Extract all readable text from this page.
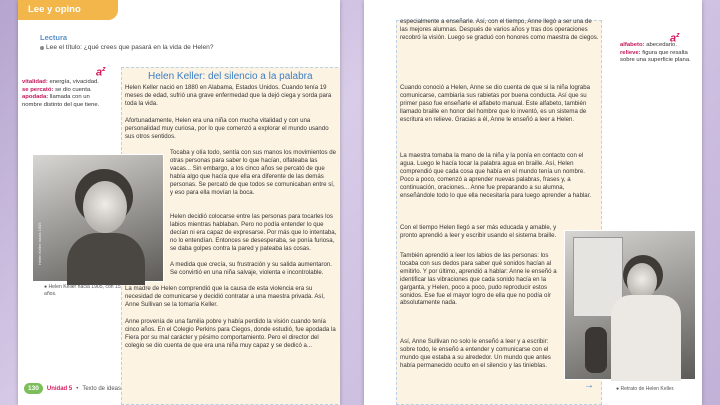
Lee y opino
Lectura
Lee el título: ¿qué crees que pasará en la vida de Helen?
$a^z$
vitalidad: energía, vivacidad.
se percató: se dio cuenta.
apodada: llamada con un nombre distinto del que tiene.
Helen Keller: del silencio a la palabra
Helen Keller nació en 1880 en Alabama, Estados Unidos. Cuando tenía 19 meses de edad, sufrió una grave enfermedad que la dejó ciega y sorda para toda la vida.
Afortunadamente, Helen era una niña con mucha vitalidad y con una personalidad muy curiosa, por lo que comenzó a explorar el mundo usando sus otros sentidos.
Tocaba y olía todo, sentía con sus manos los movimientos de otras personas para saber lo que hacían, olfateaba las vacas... Sin embargo, a los cinco años se percató de que había algo que hacía que ella era diferente de las demás personas. Se percató de que todos se comunicaban entre sí, y eso para ella movían la boca.
Helen decidió colocarse entre las personas para tocarles los labios mientras hablaban. Pero no podía entender lo que decían ni era capaz de expresarse. Por más que lo intentaba, no lo entendían. Entonces se desesperaba, se ponía furiosa, se daba golpes contra la pared y pateaba las cosas.
A medida que crecía, su frustración y su salida aumentaron. Se convirtió en una niña salvaje, violenta e incontrolable.
La madre de Helen comprendió que la causa de esta violencia era su necesidad de comunicarse y decidió contratar a una maestra privada. Así, Anne Sullivan se la tomaría Keller.
Anne provenía de una familia pobre y había perdido la visión cuando tenía cinco años. En el Colegio Perkins para Ciegos, donde estudió, fue apodada la Fiera por su mal carácter y pésimo comportamiento. Pero el director del colegio se dio cuenta de que era una niña muy capaz y se dedicó a...
Helen Keller hacia 1905
● Helen Keller hacia 1905, con 15 años.
130	Unidad 5 • Texto de ideas
especialmente a enseñarle. Así, con el tiempo, Anne llegó a ser una de las mejores alumnas. Después de varios años y tras dos operaciones recobró la visión. Luego se graduó con honores como maestra de ciegos.
Cuando conoció a Helen, Anne se dio cuenta de que si la niña lograba comunicarse, cambiaría sus rabietas por buena conducta. Así que su primer paso fue enseñarle el alfabeto manual. Este alfabeto, también llamado braille en honor del hombre que lo inventó, es un sistema de escritura en relieve. Gracias a él, Anne le enseñó a leer a Helen.
La maestra tomaba la mano de la niña y la ponía en contacto con el agua. Luego le hacía tocar la palabra agua en braille. Así, Helen comprendió que cada cosa que había en el mundo tenía un nombre. Poco a poco, comenzó a aprender nuevas palabras, frases y, a continuación, oraciones... Anne fue preparando a su alumna, enseñándole todo lo que ella necesitaría para luego aprender a hablar.
Con el tiempo Helen llegó a ser más educada y amable, y pronto aprendió a leer y escribir usando el sistema braille.
También aprendió a leer los labios de las personas: los tocaba con sus dedos para saber qué sonidos hacían al emitirlo. Y por último, aprendió a hablar: Anne le enseñó a identificar las vibraciones que cada sonido hacía en la garganta, y Helen, poco a poco, pudo reproducir estos sonidos. Ese fue el mayor logro de ella que no podía oír absolutamente nada.
Así, Anne Sullivan no solo le enseñó a leer y a escribir: sobre todo, le enseñó a entender y comunicarse con el mundo que estaba a su alrededor. Un mundo que antes había permanecido oculto en el silencio y las tinieblas.
$a^z$
alfabeto: abecedario.
relieve: figura que resalta sobre una superficie plana.
● Retrato de Helen Keller.
→
